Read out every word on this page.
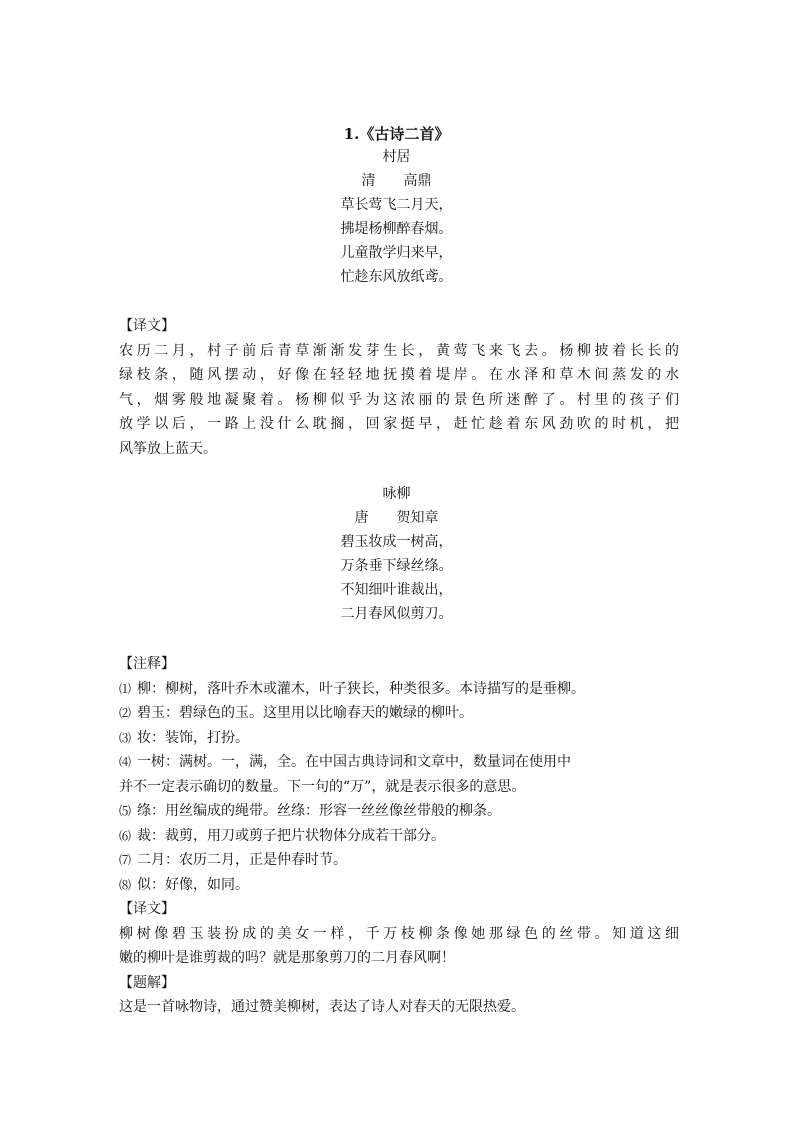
1.《古诗二首》
村居
清　　高鼎
草长莺飞二月天，
拂堤杨柳醉春烟。
儿童散学归来早，
忙趁东风放纸鸢。
【译文】
农历二月，村子前后青草渐渐发芽生长，黄莺飞来飞去。杨柳披着长长的
绿枝条，随风摆动，好像在轻轻地抚摸着堤岸。在水泽和草木间蒸发的水
气，烟雾般地凝聚着。杨柳似乎为这浓丽的景色所迷醉了。村里的孩子们
放学以后，一路上没什么耽搁，回家挺早，赶忙趁着东风劲吹的时机，把
风筝放上蓝天。
咏柳
唐　　贺知章
碧玉妆成一树高，
万条垂下绿丝绦。
不知细叶谁裁出，
二月春风似剪刀。
【注释】
⑴ 柳：柳树，落叶乔木或灌木，叶子狭长，种类很多。本诗描写的是垂柳。
⑵ 碧玉：碧绿色的玉。这里用以比喻春天的嫩绿的柳叶。
⑶ 妆：装饰，打扮。
⑷ 一树：满树。一，满，全。在中国古典诗词和文章中，数量词在使用中
并不一定表示确切的数量。下一句的“万”，就是表示很多的意思。
⑸ 绦：用丝编成的绳带。丝绦：形容一丝丝像丝带般的柳条。
⑹ 裁：裁剪，用刀或剪子把片状物体分成若干部分。
⑺ 二月：农历二月，正是仲春时节。
⑻ 似：好像，如同。
【译文】
柳树像碧玉装扮成的美女一样，千万枝柳条像她那绿色的丝带。知道这细
嫩的柳叶是谁剪裁的吗？就是那象剪刀的二月春风啊！
【题解】
这是一首咏物诗，通过赞美柳树，表达了诗人对春天的无限热爱。
